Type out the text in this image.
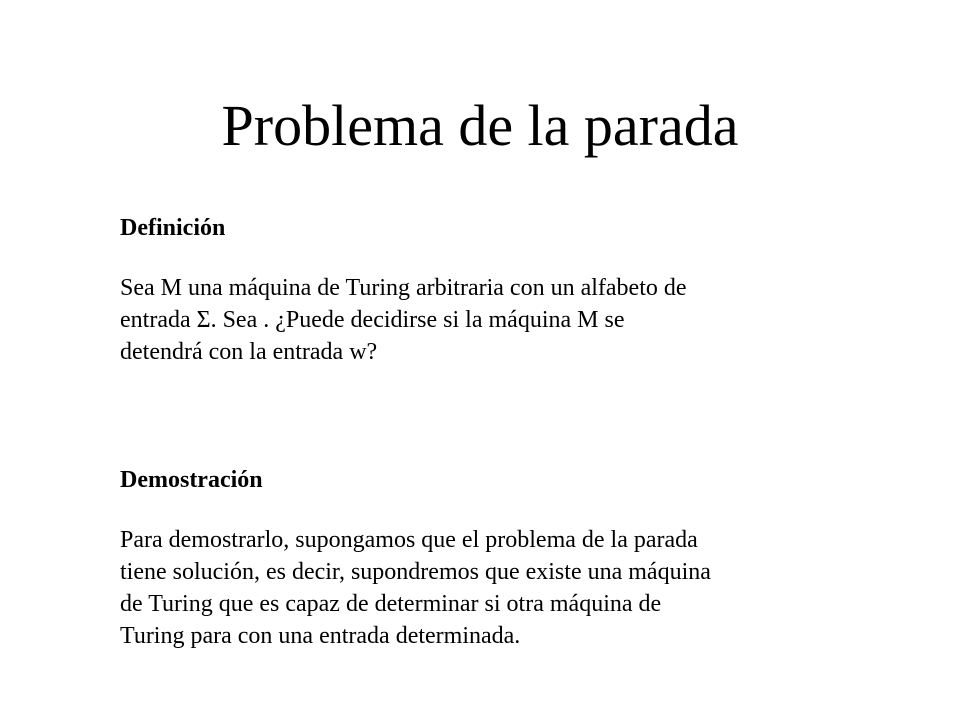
Problema de la parada

Definición

Sea M una máquina de Turing arbitraria con un alfabeto de
entrada Σ. Sea . ¿Puede decidirse si la máquina M se
detendrá con la entrada w?

Demostración

Para demostrarlo, supongamos que el problema de la parada
tiene solución, es decir, supondremos que existe una máquina
de Turing que es capaz de determinar si otra máquina de
Turing para con una entrada determinada.
